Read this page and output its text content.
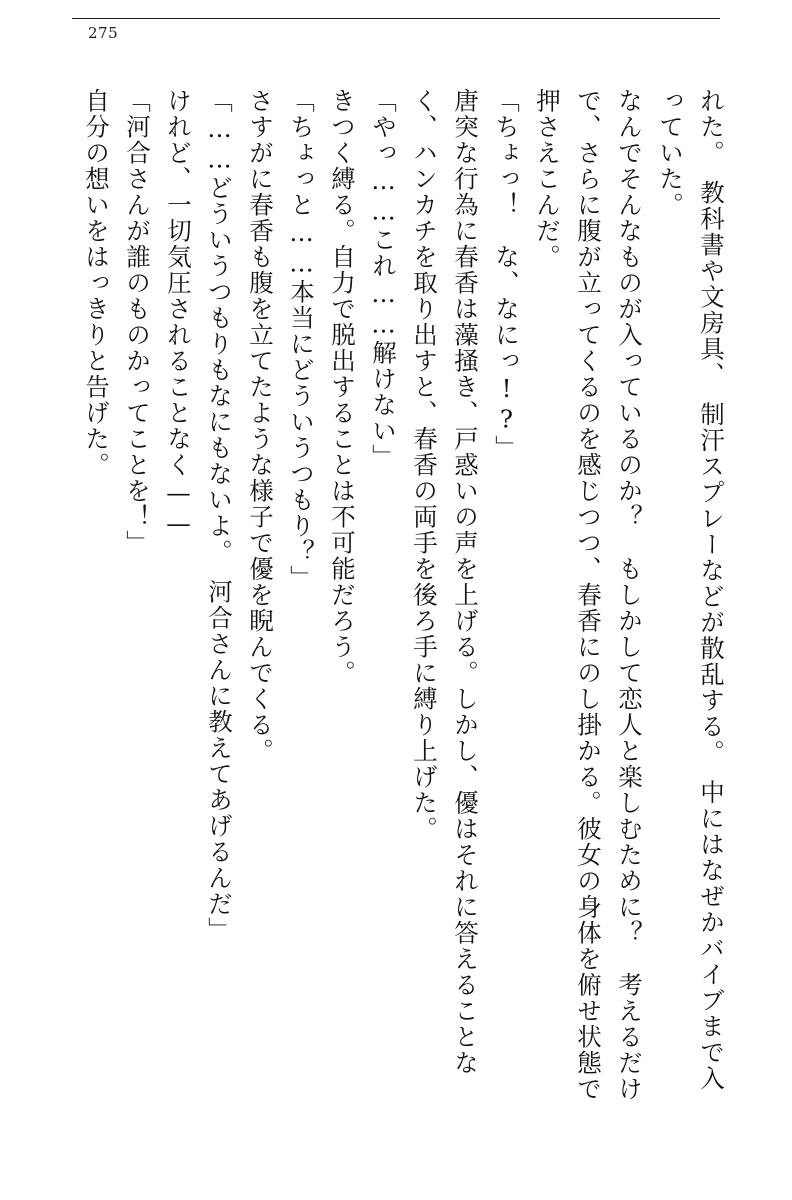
275
れた。　教科書や文房具、　制汗スプレーなどが散乱する。　中にはなぜかバイブまで入っていた。
なんでそんなものが入っているのか？　もしかして恋人と楽しむために？　考えるだけで、さらに腹が立ってくるのを感じつつ、春香にのし掛かる。彼女の身体を俯せ状態で押さえこんだ。
「ちょっ！　な、なにっ!?」
唐突な行為に春香は藻掻き、戸惑いの声を上げる。しかし、優はそれに答えることなく、ハンカチを取り出すと、春香の両手を後ろ手に縛り上げた。
「やっ……これ……解けない」
きつく縛る。自力で脱出することは不可能だろう。
「ちょっと……本当にどういうつもり？」
さすがに春香も腹を立てたような様子で優を睨んでくる。
「……どういうつもりもなにもないよ。　河合さんに教えてあげるんだ」
けれど、一切気圧されることなく——
「河合さんが誰のものかってことを！」
自分の想いをはっきりと告げた。
